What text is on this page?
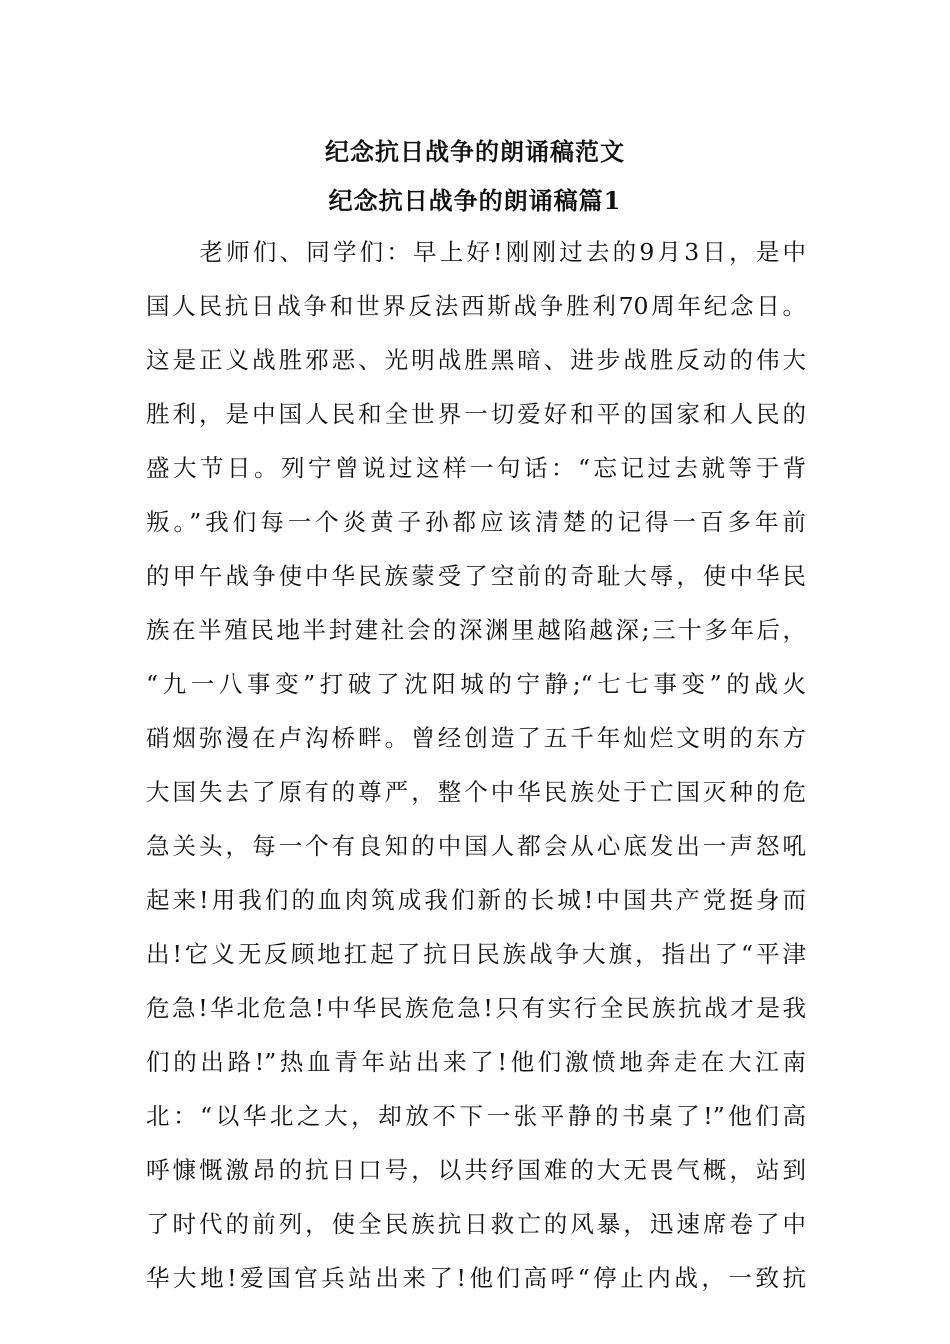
纪念抗日战争的朗诵稿范文
纪念抗日战争的朗诵稿篇1
　　老师们、同学们：早上好!刚刚过去的9月3日，是中
国人民抗日战争和世界反法西斯战争胜利70周年纪念日。
这是正义战胜邪恶、光明战胜黑暗、进步战胜反动的伟大
胜利，是中国人民和全世界一切爱好和平的国家和人民的
盛大节日。列宁曾说过这样一句话：“忘记过去就等于背
叛。”我们每一个炎黄子孙都应该清楚的记得一百多年前
的甲午战争使中华民族蒙受了空前的奇耻大辱，使中华民
族在半殖民地半封建社会的深渊里越陷越深;三十多年后，
“九一八事变”打破了沈阳城的宁静;“七七事变”的战火
硝烟弥漫在卢沟桥畔。曾经创造了五千年灿烂文明的东方
大国失去了原有的尊严，整个中华民族处于亡国灭种的危
急关头，每一个有良知的中国人都会从心底发出一声怒吼
起来!用我们的血肉筑成我们新的长城!中国共产党挺身而
出!它义无反顾地扛起了抗日民族战争大旗，指出了“平津
危急!华北危急!中华民族危急!只有实行全民族抗战才是我
们的出路!”热血青年站出来了!他们激愤地奔走在大江南
北：“以华北之大，却放不下一张平静的书桌了!”他们高
呼慷慨激昂的抗日口号，以共纾国难的大无畏气概，站到
了时代的前列，使全民族抗日救亡的风暴，迅速席卷了中
华大地!爱国官兵站出来了!他们高呼“停止内战，一致抗
